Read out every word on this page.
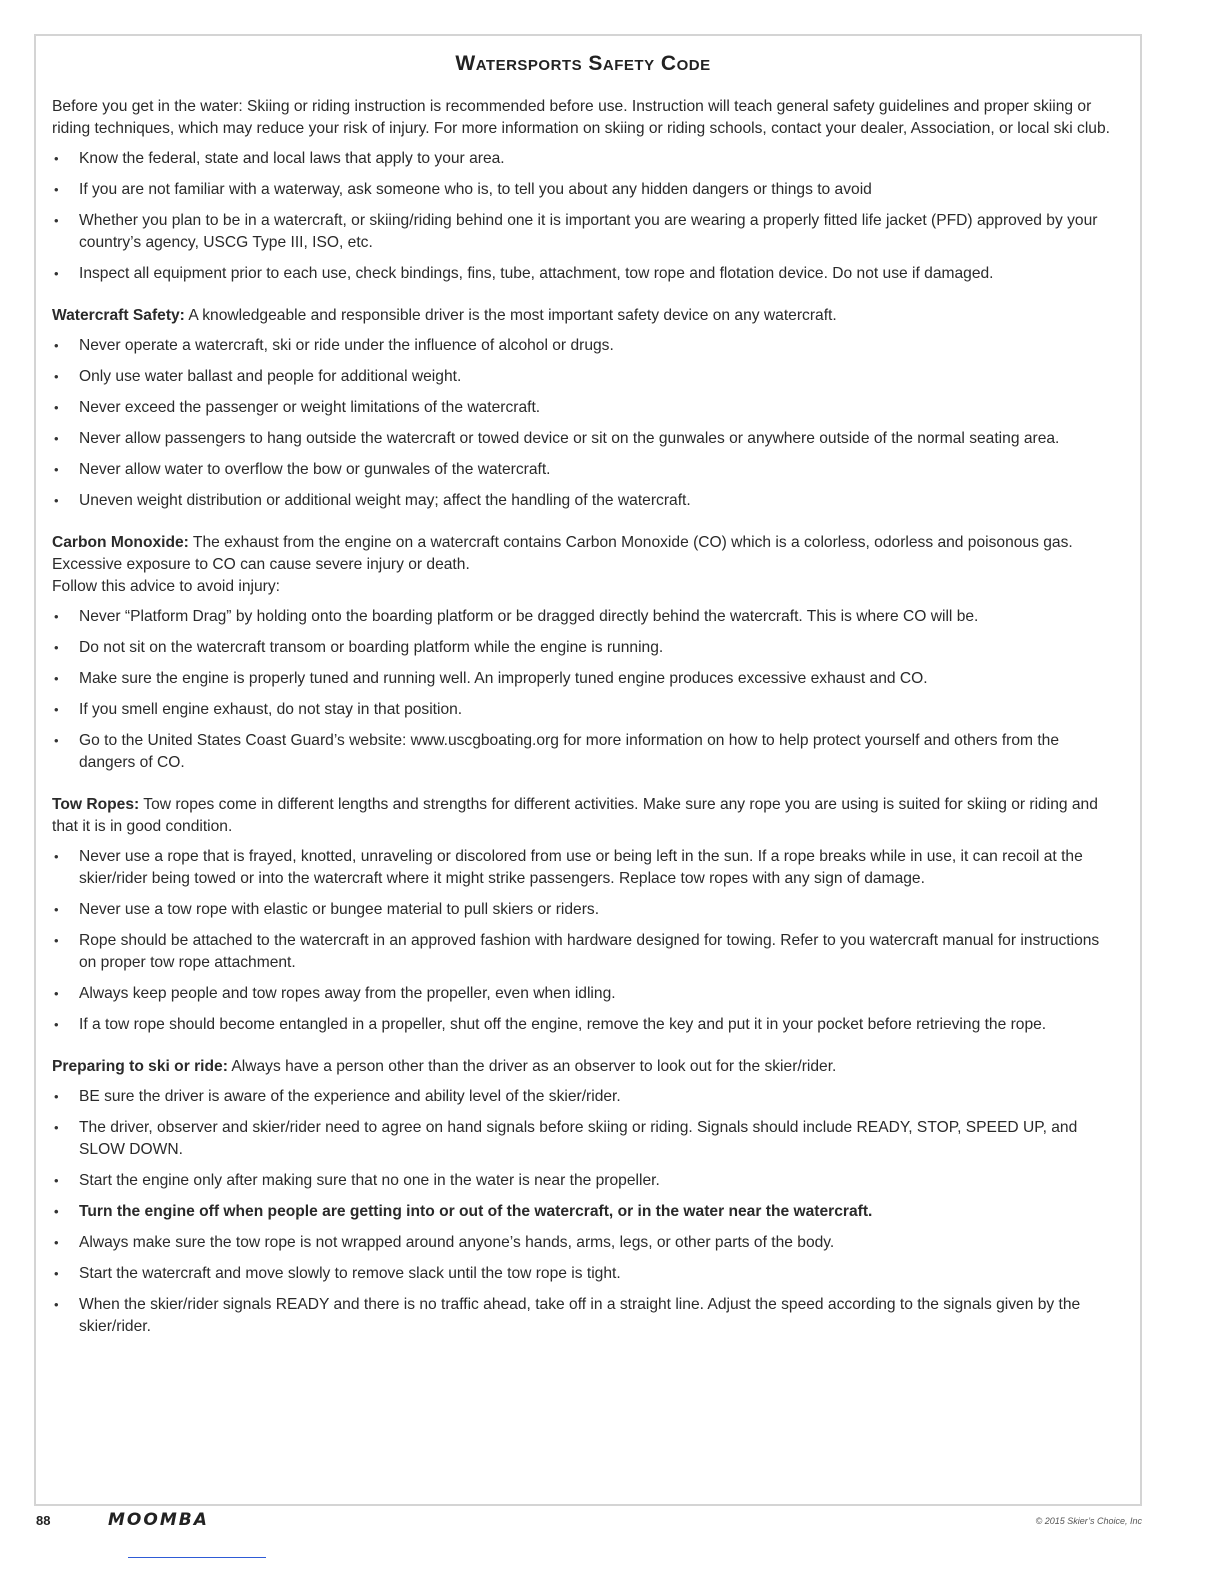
Watersports Safety Code

Before you get in the water: Skiing or riding instruction is recommended before use. Instruction will teach general safety guidelines and proper skiing or riding techniques, which may reduce your risk of injury. For more information on skiing or riding schools, contact your dealer, Association, or local ski club.

• Know the federal, state and local laws that apply to your area.
• If you are not familiar with a waterway, ask someone who is, to tell you about any hidden dangers or things to avoid
• Whether you plan to be in a watercraft, or skiing/riding behind one it is important you are wearing a properly fitted life jacket (PFD) approved by your country’s agency, USCG Type III, ISO, etc.
• Inspect all equipment prior to each use, check bindings, fins, tube, attachment, tow rope and flotation device. Do not use if damaged.

Watercraft Safety: A knowledgeable and responsible driver is the most important safety device on any watercraft.

• Never operate a watercraft, ski or ride under the influence of alcohol or drugs.
• Only use water ballast and people for additional weight.
• Never exceed the passenger or weight limitations of the watercraft.
• Never allow passengers to hang outside the watercraft or towed device or sit on the gunwales or anywhere outside of the normal seating area.
• Never allow water to overflow the bow or gunwales of the watercraft.
• Uneven weight distribution or additional weight may; affect the handling of the watercraft.

Carbon Monoxide: The exhaust from the engine on a watercraft contains Carbon Monoxide (CO) which is a colorless, odorless and poisonous gas. Excessive exposure to CO can cause severe injury or death.

Follow this advice to avoid injury:

• Never “Platform Drag” by holding onto the boarding platform or be dragged directly behind the watercraft. This is where CO will be.
• Do not sit on the watercraft transom or boarding platform while the engine is running.
• Make sure the engine is properly tuned and running well. An improperly tuned engine produces excessive exhaust and CO.
• If you smell engine exhaust, do not stay in that position.
• Go to the United States Coast Guard’s website: www.uscgboating.org for more information on how to help protect yourself and others from the dangers of CO.

Tow Ropes: Tow ropes come in different lengths and strengths for different activities. Make sure any rope you are using is suited for skiing or riding and that it is in good condition.

• Never use a rope that is frayed, knotted, unraveling or discolored from use or being left in the sun. If a rope breaks while in use, it can recoil at the skier/rider being towed or into the watercraft where it might strike passengers. Replace tow ropes with any sign of damage.
• Never use a tow rope with elastic or bungee material to pull skiers or riders.
• Rope should be attached to the watercraft in an approved fashion with hardware designed for towing. Refer to you watercraft manual for instructions on proper tow rope attachment.
• Always keep people and tow ropes away from the propeller, even when idling.
• If a tow rope should become entangled in a propeller, shut off the engine, remove the key and put it in your pocket before retrieving the rope.

Preparing to ski or ride: Always have a person other than the driver as an observer to look out for the skier/rider.

• BE sure the driver is aware of the experience and ability level of the skier/rider.
• The driver, observer and skier/rider need to agree on hand signals before skiing or riding. Signals should include READY, STOP, SPEED UP, and SLOW DOWN.
• Start the engine only after making sure that no one in the water is near the propeller.
• Turn the engine off when people are getting into or out of the watercraft, or in the water near the watercraft.
• Always make sure the tow rope is not wrapped around anyone’s hands, arms, legs, or other parts of the body.
• Start the watercraft and move slowly to remove slack until the tow rope is tight.
• When the skier/rider signals READY and there is no traffic ahead, take off in a straight line. Adjust the speed according to the signals given by the skier/rider.
88	MOOMBA	© 2015 Skier’s Choice, Inc
